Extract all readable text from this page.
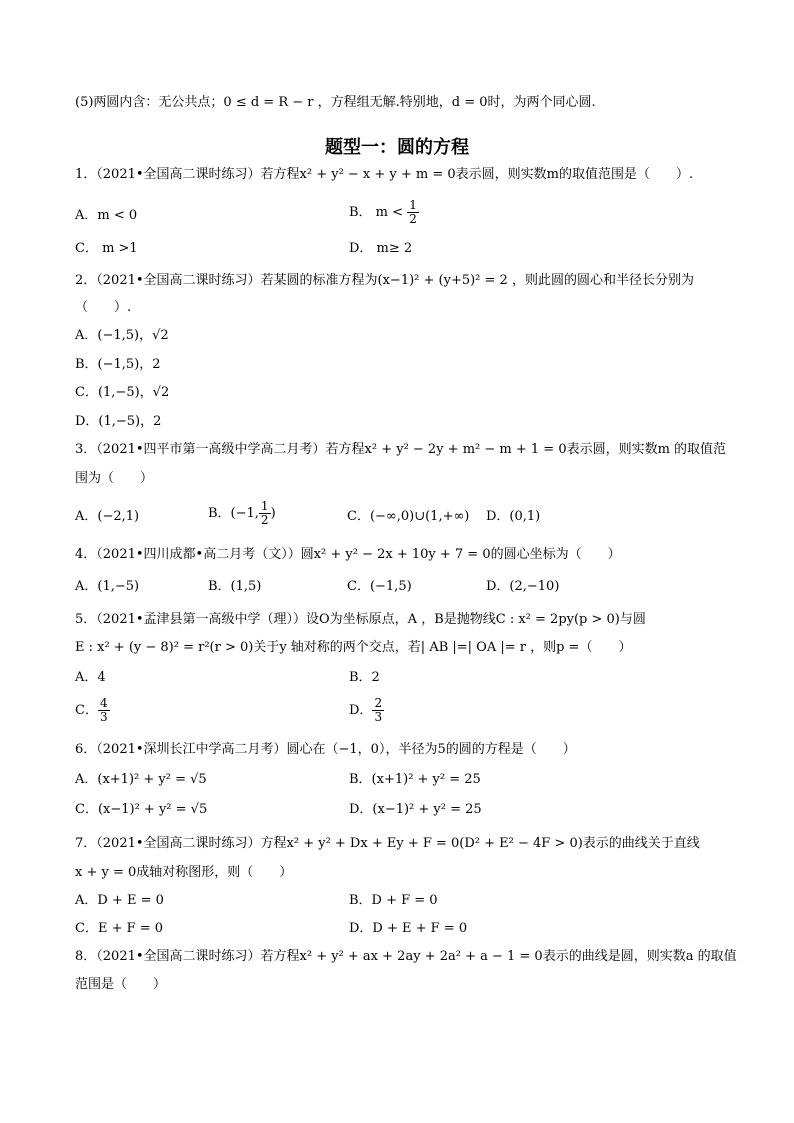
(5)两圆内含：无公共点；0 ≤ d = R − r ，方程组无解.特别地，d = 0时，为两个同心圆.
题型一：圆的方程
1．（2021•全国高二课时练习）若方程x² + y² − x + y + m = 0表示圆，则实数m的取值范围是（　　）.
A．m < 0	B． $m < \frac{1}{2}$
C． m >1	D． m≥ 2
2．（2021•全国高二课时练习）若某圆的标准方程为(x−1)² + (y+5)² = 2 ，则此圆的圆心和半径长分别为
（　　）.
A．(−1,5)，√2
B．(−1,5)，2
C．(1,−5)，√2
D．(1,−5)，2
3．（2021•四平市第一高级中学高二月考）若方程x² + y² − 2y + m² − m + 1 = 0表示圆，则实数m 的取值范
围为（　　）
A．(−2,1)	B．(−1, $\frac{1}{2}$ )	C．(−∞,0)∪(1,+∞) D．(0,1)
4．（2021•四川成都•高二月考（文））圆x² + y² − 2x + 10y + 7 = 0的圆心坐标为（　　）
A．(1,−5)	B．(1,5)	C．(−1,5)	D．(2,−10)
5．（2021•孟津县第一高级中学（理））设O为坐标原点，A ，B是抛物线C : x² = 2py(p > 0)与圆
E : x² + (y − 8)² = r²(r > 0)关于y 轴对称的两个交点，若| AB |=| OA |= r ，则p =（　　）
A．4	B．2
C． $\frac{4}{3}$	D． $\frac{2}{3}$
6．（2021•深圳长江中学高二月考）圆心在（−1，0），半径为5的圆的方程是（　　）
A．(x+1)² + y² = √5	B．(x+1)² + y² = 25
C．(x−1)² + y² = √5	D．(x−1)² + y² = 25
7．（2021•全国高二课时练习）方程x² + y² + Dx + Ey + F = 0(D² + E² − 4F > 0)表示的曲线关于直线
x + y = 0成轴对称图形，则（　　）
A．D + E = 0	B．D + F = 0
C．E + F = 0	D．D + E + F = 0
8．（2021•全国高二课时练习）若方程x² + y² + ax + 2ay + 2a² + a − 1 = 0表示的曲线是圆，则实数a 的取值
范围是（　　）
